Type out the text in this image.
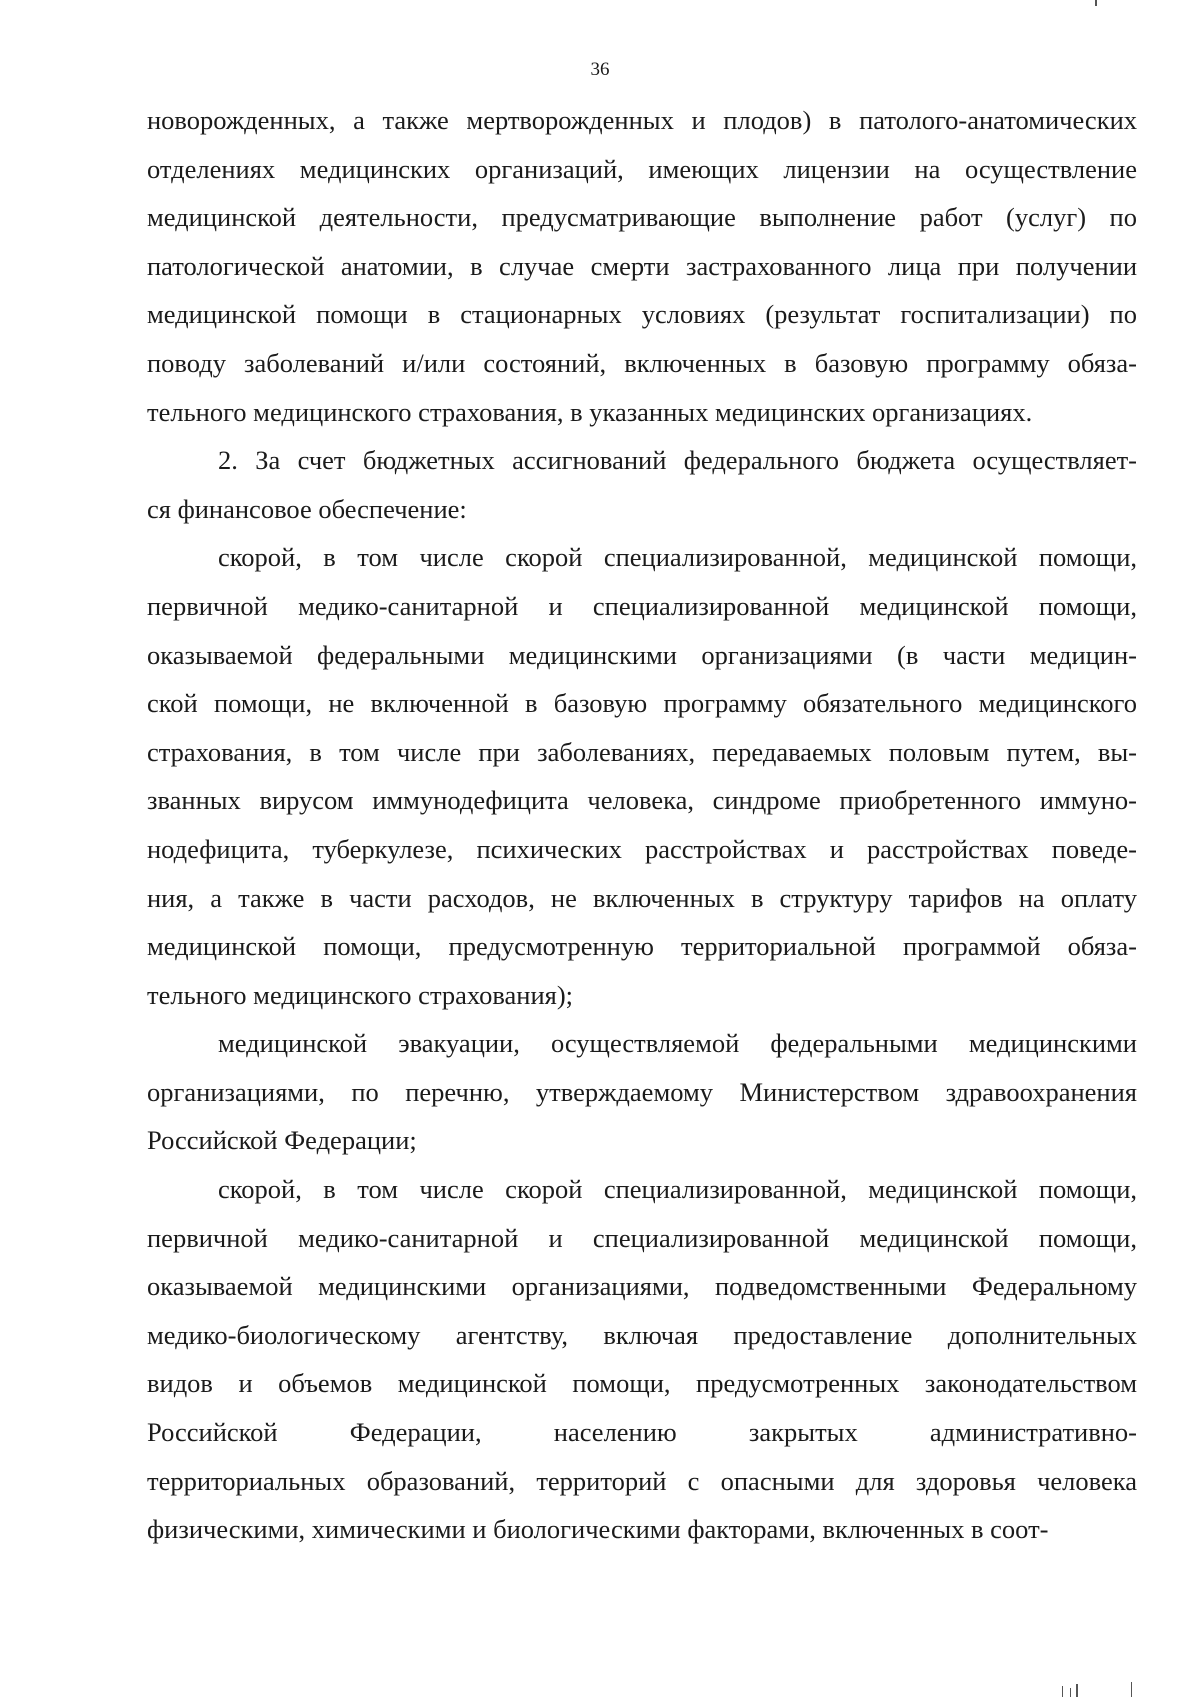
36
новорожденных, а также мертворожденных и плодов) в патолого-анатомических
отделениях медицинских организаций, имеющих лицензии на осуществление
медицинской деятельности, предусматривающие выполнение работ (услуг) по
патологической анатомии, в случае смерти застрахованного лица при получении
медицинской помощи в стационарных условиях (результат госпитализации) по
поводу заболеваний и/или состояний, включенных в базовую программу обяза-
тельного медицинского страхования, в указанных медицинских организациях.
2. За счет бюджетных ассигнований федерального бюджета осуществляет-
ся финансовое обеспечение:
скорой, в том числе скорой специализированной, медицинской помощи,
первичной медико-санитарной и специализированной медицинской помощи,
оказываемой федеральными медицинскими организациями (в части медицин-
ской помощи, не включенной в базовую программу обязательного медицинского
страхования, в том числе при заболеваниях, передаваемых половым путем, вы-
званных вирусом иммунодефицита человека, синдроме приобретенного иммуно-
нодефицита, туберкулезе, психических расстройствах и расстройствах поведе-
ния, а также в части расходов, не включенных в структуру тарифов на оплату
медицинской помощи, предусмотренную территориальной программой обяза-
тельного медицинского страхования);
медицинской эвакуации, осуществляемой федеральными медицинскими
организациями, по перечню, утверждаемому Министерством здравоохранения
Российской Федерации;
скорой, в том числе скорой специализированной, медицинской помощи,
первичной медико-санитарной и специализированной медицинской помощи,
оказываемой медицинскими организациями, подведомственными Федеральному
медико-биологическому агентству, включая предоставление дополнительных
видов и объемов медицинской помощи, предусмотренных законодательством
Российской Федерации, населению закрытых административно-
территориальных образований, территорий с опасными для здоровья человека
физическими, химическими и биологическими факторами, включенных в соот-
